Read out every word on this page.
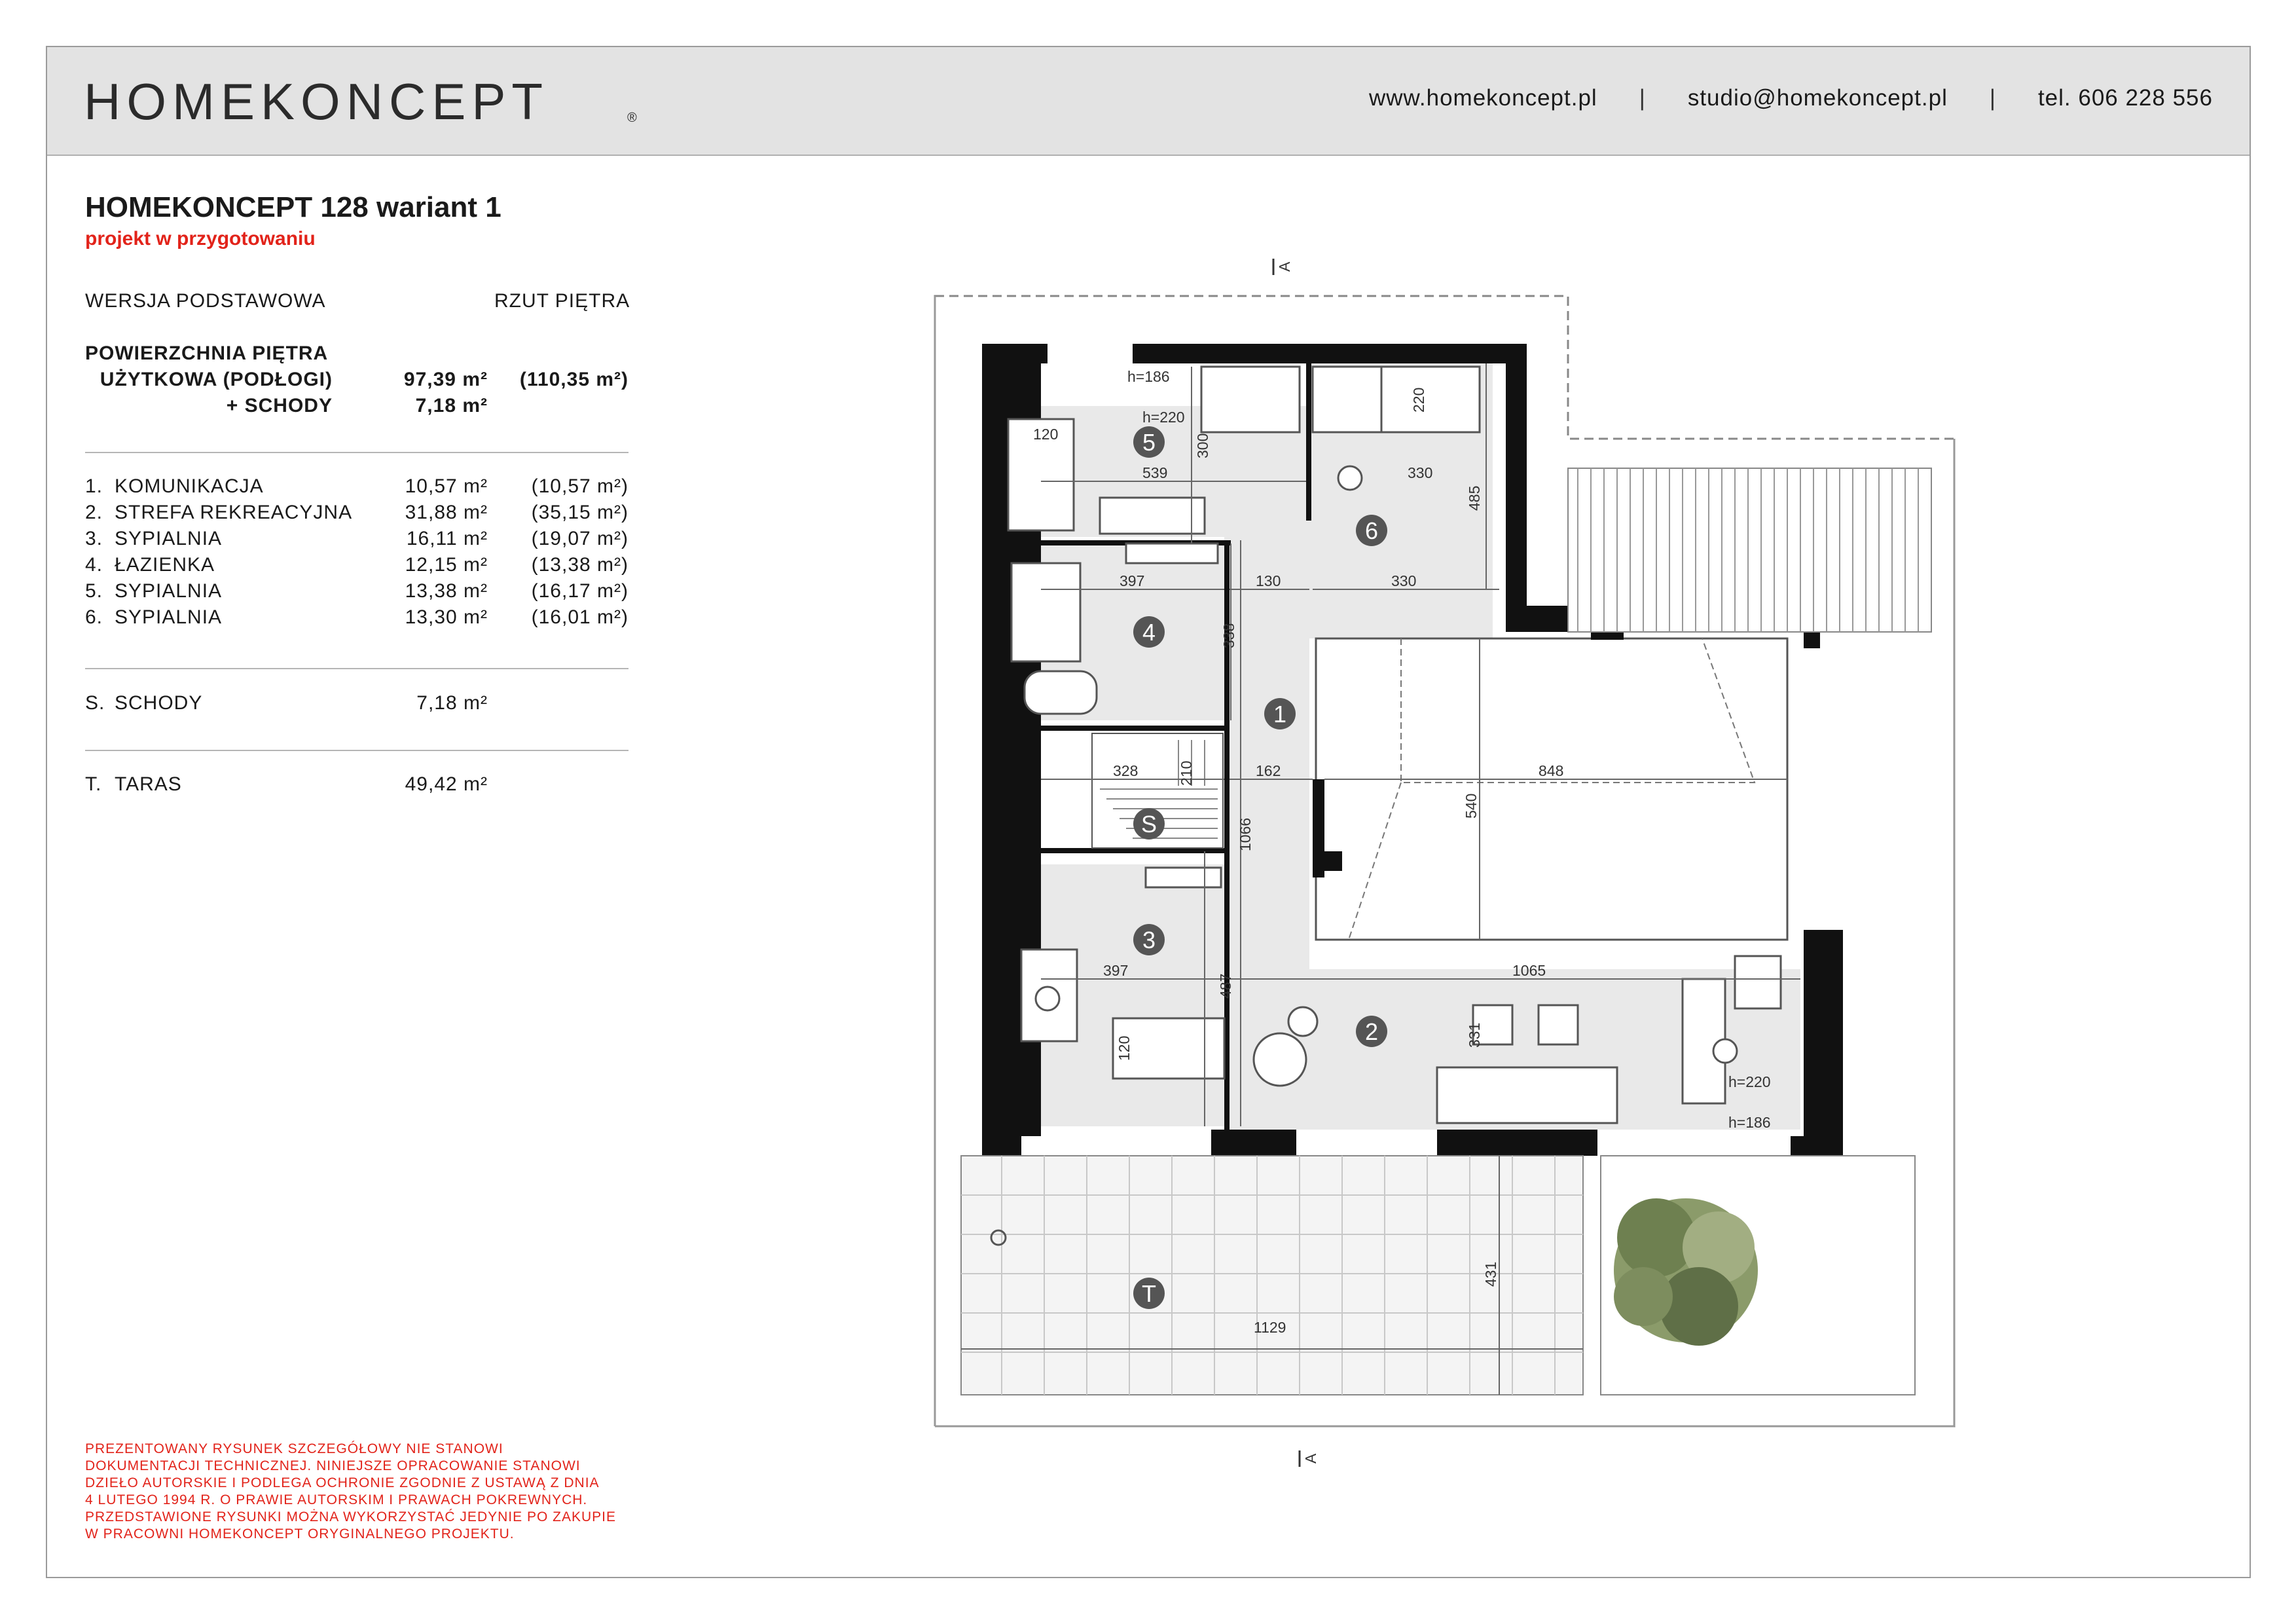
HOMEKONCEPT	®
www.homekoncept.pl | studio@homekoncept.pl | tel. 606 228 556
HOMEKONCEPT 128 wariant 1
projekt w przygotowaniu
WERSJA PODSTAWOWA	RZUT PIĘTRA
POWIERZCHNIA PIĘTRA
UŻYTKOWA (PODŁOGI)	97,39 m²	(110,35 m²)
+ SCHODY	7,18 m²
1. KOMUNIKACJA	10,57 m²	(10,57 m²)
2. STREFA REKREACYJNA	31,88 m²	(35,15 m²)
3. SYPIALNIA	16,11 m²	(19,07 m²)
4. ŁAZIENKA	12,15 m²	(13,38 m²)
5. SYPIALNIA	13,38 m²	(16,17 m²)
6. SYPIALNIA	13,30 m²	(16,01 m²)
S. SCHODY	7,18 m²
T. TARAS	49,42 m²
PREZENTOWANY RYSUNEK SZCZEGÓŁOWY NIE STANOWI
DOKUMENTACJI TECHNICZNEJ. NINIEJSZE OPRACOWANIE STANOWI
DZIEŁO AUTORSKIE I PODLEGA OCHRONIE ZGODNIE Z USTAWĄ Z DNIA
4 LUTEGO 1994 R. O PRAWIE AUTORSKIM I PRAWACH POKREWNYCH.
PRZEDSTAWIONE RYSUNKI MOŻNA WYKORZYSTAĆ JEDYNIE PO ZAKUPIE
W PRACOWNI HOMEKONCEPT ORYGINALNEGO PROJEKTU.
120	300
539	330
220
485
397	130	330
338
328	210	162
540
848
1066
397
487
120
1065
331
431
1129
h=186
h=220
h=220
h=186
A
A
5
6
4
1
S
3
2
T
